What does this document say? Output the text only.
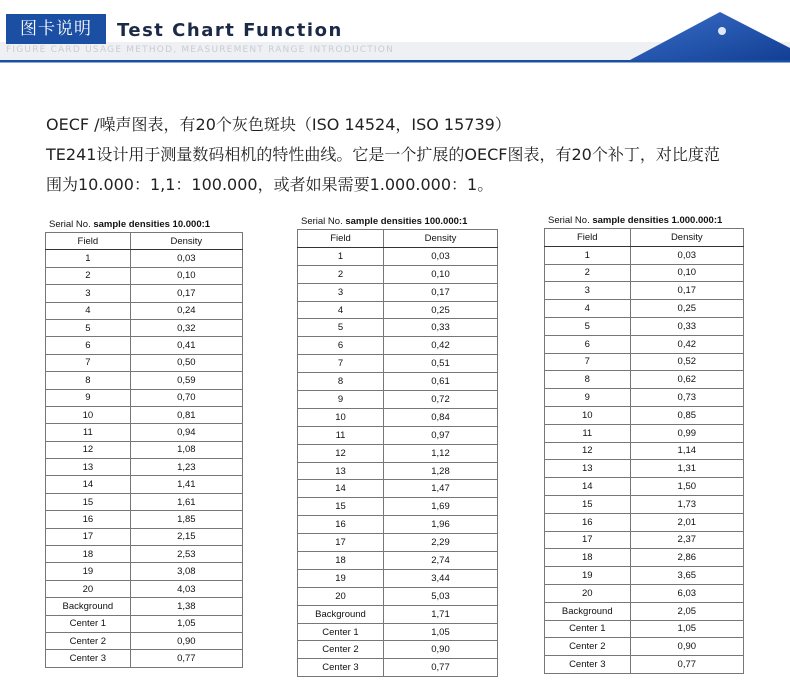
图卡说明	Test Chart Function
FIGURE CARD USAGE METHOD, MEASUREMENT RANGE INTRODUCTION

OECF /噪声图表，有20个灰色斑块（ISO 14524，ISO 15739）

TE241设计用于测量数码相机的特性曲线。它是一个扩展的OECF图表，有20个补丁，对比度范

围为10.000：1,1：100.000，或者如果需要1.000.000：1。

Serial No. sample densities 10.000:1
Field	Density
1	0,03
2	0,10
3	0,17
4	0,24
5	0,32
6	0,41
7	0,50
8	0,59
9	0,70
10	0,81
11	0,94
12	1,08
13	1,23
14	1,41
15	1,61
16	1,85
17	2,15
18	2,53
19	3,08
20	4,03
Background	1,38
Center 1	1,05
Center 2	0,90
Center 3	0,77
Serial No. sample densities 100.000:1
Field	Density
1	0,03
2	0,10
3	0,17
4	0,25
5	0,33
6	0,42
7	0,51
8	0,61
9	0,72
10	0,84
11	0,97
12	1,12
13	1,28
14	1,47
15	1,69
16	1,96
17	2,29
18	2,74
19	3,44
20	5,03
Background	1,71
Center 1	1,05
Center 2	0,90
Center 3	0,77
Serial No. sample densities 1.000.000:1
Field	Density
1	0,03
2	0,10
3	0,17
4	0,25
5	0,33
6	0,42
7	0,52
8	0,62
9	0,73
10	0,85
11	0,99
12	1,14
13	1,31
14	1,50
15	1,73
16	2,01
17	2,37
18	2,86
19	3,65
20	6,03
Background	2,05
Center 1	1,05
Center 2	0,90
Center 3	0,77
